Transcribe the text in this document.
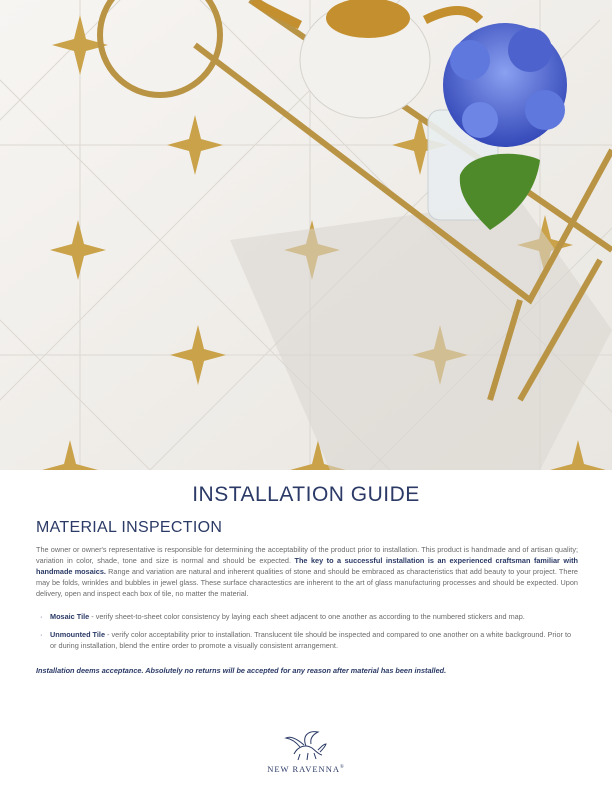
INSTALLATION GUIDE
MATERIAL INSPECTION
The owner or owner's representative is responsible for determining the acceptability of the product prior to installation. This product is handmade and of artisan quality; variation in color, shade, tone and size is normal and should be expected. The key to a successful installation is an experienced craftsman familiar with handmade mosaics. Range and variation are natural and inherent qualities of stone and should be embraced as characteristics that add beauty to your project. There may be folds, wrinkles and bubbles in jewel glass. These surface charactestics are inherent to the art of glass manufacturing processes and should be expected. Upon delivery, open and inspect each box of tile, no matter the material.
· Mosaic Tile - verify sheet-to-sheet color consistency by laying each sheet adjacent to one another as according to the numbered stickers and map.
· Unmounted Tile - verify color acceptability prior to installation. Translucent tile should be inspected and compared to one another on a white background. Prior to or during installation, blend the entire order to promote a visually consistent arrangement.
Installation deems acceptance. Absolutely no returns will be accepted for any reason after material has been installed.
NEW RAVENNA®
